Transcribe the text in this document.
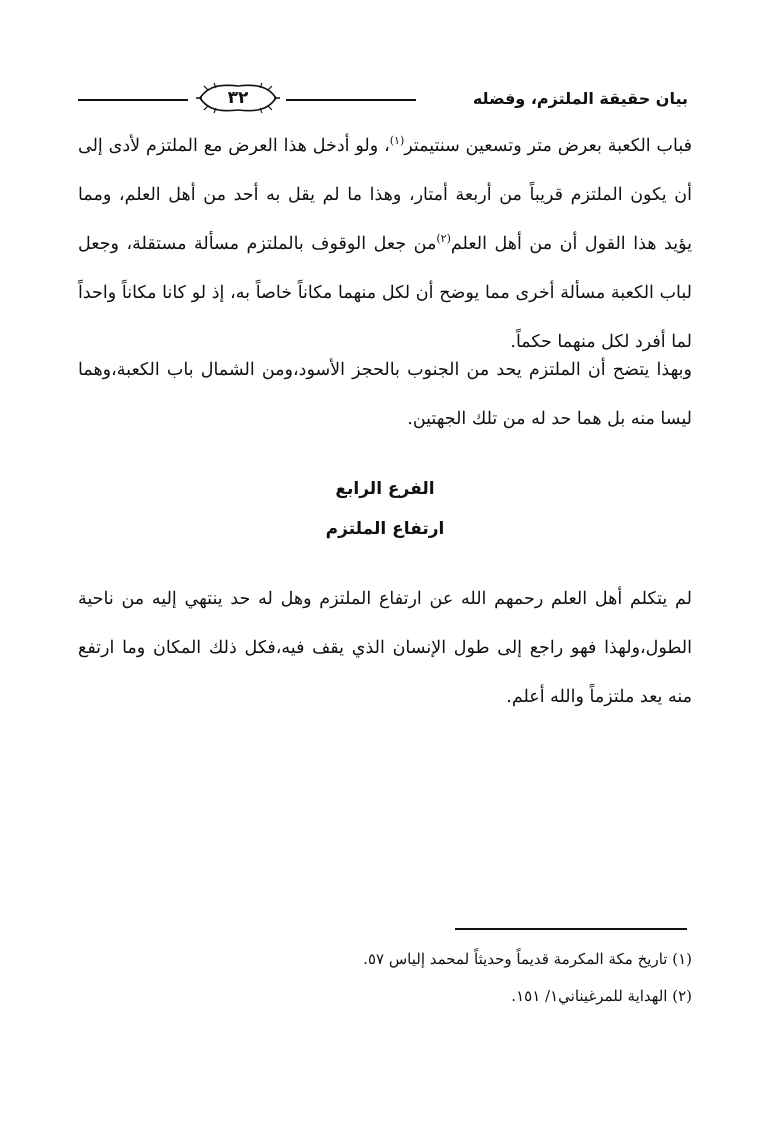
٣٢	بيان حقيقة الملتزم، وفضله

فباب الكعبة بعرض متر وتسعين سنتيمتر$^{(١)}$، ولو أدخل هذا العرض مع الملتزم لأدى إلى أن يكون الملتزم قريباً من أربعة أمتار، وهذا ما لم يقل به أحد من أهل العلم، ومما يؤيد هذا القول أن من أهل العلم$^{(٢)}$من جعل الوقوف بالملتزم مسألة مستقلة، وجعل لباب الكعبة مسألة أخرى مما يوضح أن لكل منهما مكاناً خاصاً به، إذ لو كانا مكاناً واحداً لما أفرد لكل منهما حكماً.

وبهذا يتضح أن الملتزم يحد من الجنوب بالحجز الأسود،ومن الشمال باب الكعبة،وهما ليسا منه بل هما حد له من تلك الجهتين.

الفرع الرابع
ارتفاع الملتزم

لم يتكلم أهل العلم رحمهم الله عن ارتفاع الملتزم وهل له حد ينتهي إليه من ناحية الطول،ولهذا فهو راجع إلى طول الإنسان الذي يقف فيه،فكل ذلك المكان وما ارتفع منه يعد ملتزماً والله أعلم.

(١) تاريخ مكة المكرمة قديماً وحديثاً لمحمد إلياس ٥٧.
(٢) الهداية للمرغيناني١/ ١٥١.
